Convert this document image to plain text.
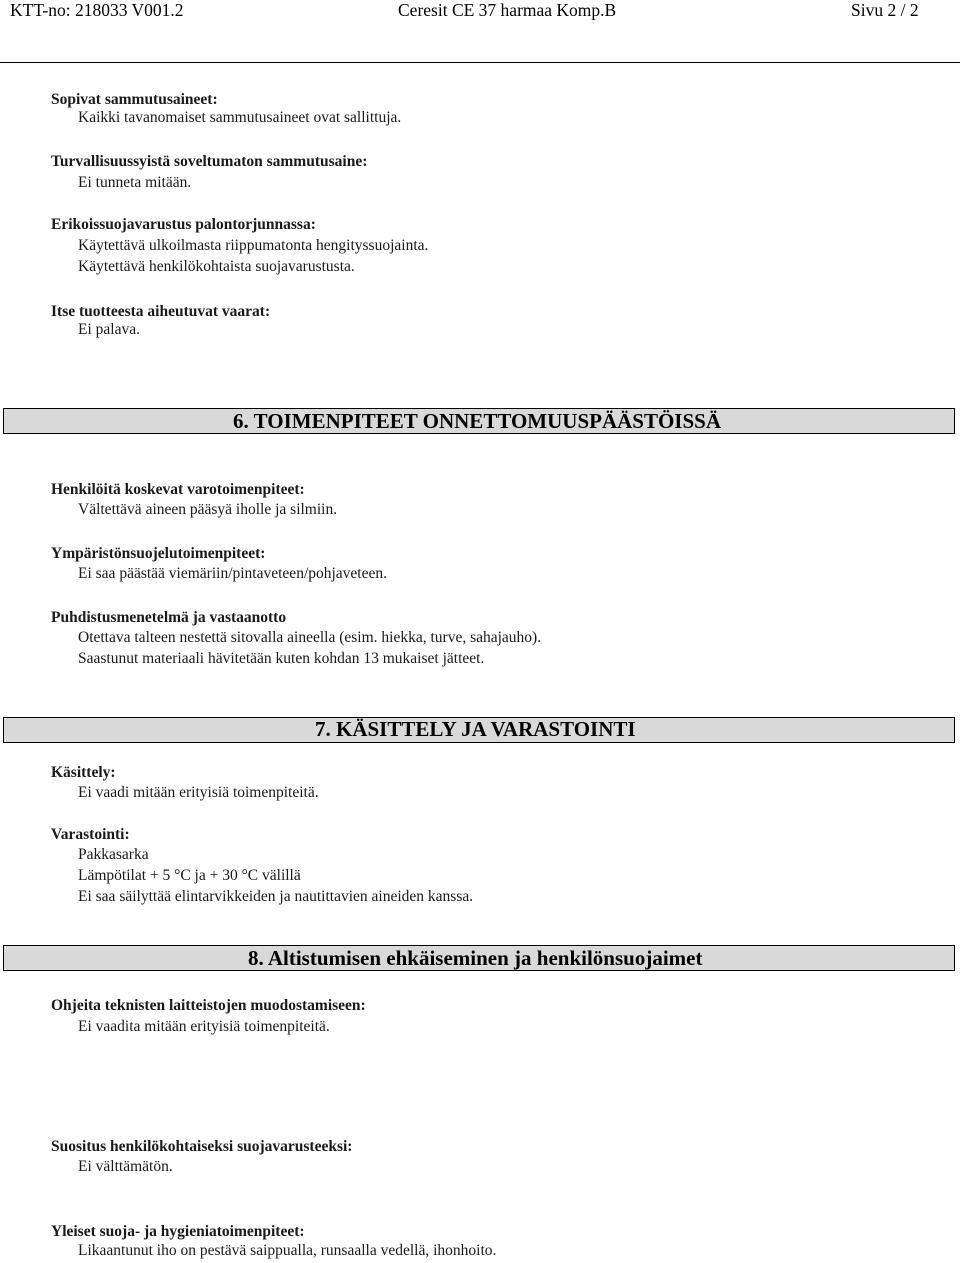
KTT-no: 218033 V001.2	Ceresit CE 37 harmaa Komp.B	Sivu 2 / 2
Sopivat sammutusaineet:
Kaikki tavanomaiset sammutusaineet ovat sallittuja.
Turvallisuussyistä soveltumaton sammutusaine:
Ei tunneta mitään.
Erikoissuojavarustus palontorjunnassa:
Käytettävä ulkoilmasta riippumatonta hengityssuojainta.
Käytettävä henkilökohtaista suojavarustusta.
Itse tuotteesta aiheutuvat vaarat:
Ei palava.
6. TOIMENPITEET ONNETTOMUUSPÄÄSTÖISSÄ
Henkilöitä koskevat varotoimenpiteet:
Vältettävä aineen pääsyä iholle ja silmiin.
Ympäristönsuojelutoimenpiteet:
Ei saa päästää viemäriin/pintaveteen/pohjaveteen.
Puhdistusmenetelmä ja vastaanotto
Otettava talteen nestettä sitovalla aineella (esim. hiekka, turve, sahajauho).
Saastunut materiaali hävitetään kuten kohdan 13 mukaiset jätteet.
7. KÄSITTELY JA VARASTOINTI
Käsittely:
Ei vaadi mitään erityisiä toimenpiteitä.
Varastointi:
Pakkasarka
Lämpötilat + 5 °C ja + 30 °C välillä
Ei saa säilyttää elintarvikkeiden ja nautittavien aineiden kanssa.
8. Altistumisen ehkäiseminen ja henkilönsuojaimet
Ohjeita teknisten laitteistojen muodostamiseen:
Ei vaadita mitään erityisiä toimenpiteitä.
Suositus henkilökohtaiseksi suojavarusteeksi:
Ei välttämätön.
Yleiset suoja- ja hygieniatoimenpiteet:
Likaantunut iho on pestävä saippualla, runsaalla vedellä, ihonhoito.
